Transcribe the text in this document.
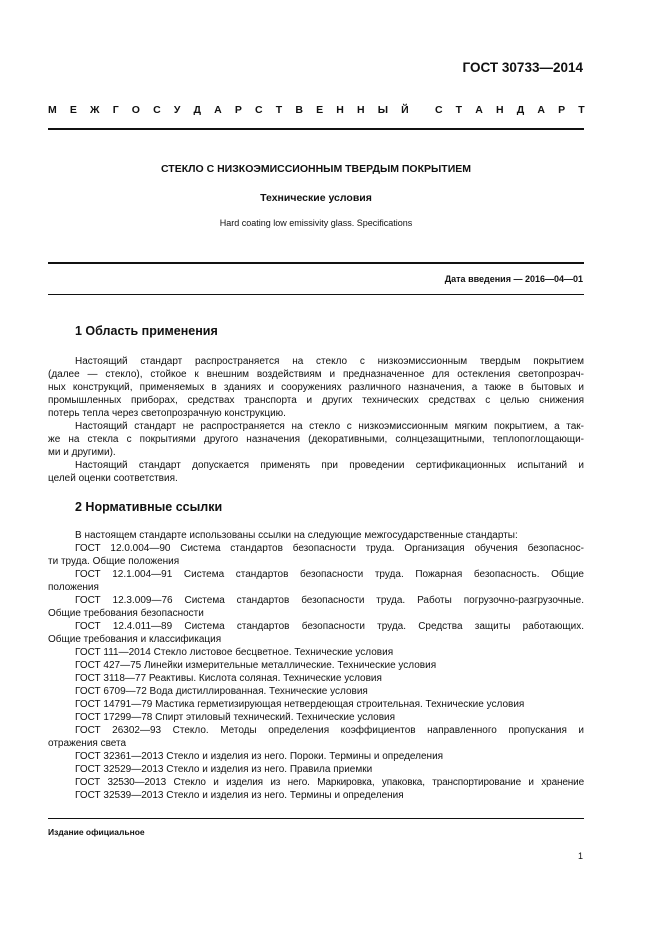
ГОСТ 30733—2014
М Е Ж Г О С У Д А Р С Т В Е Н Н Ы Й	С Т А Н Д А Р Т
СТЕКЛО С НИЗКОЭМИССИОННЫМ ТВЕРДЫМ ПОКРЫТИЕМ
Технические условия
Hard coating low emissivity glass. Specifications
Дата введения — 2016—04—01
1 Область применения
Настоящий стандарт распространяется на стекло с низкоэмиссионным твердым покрытием
(далее — стекло), стойкое к внешним воздействиям и предназначенное для остекления светопрозрач-
ных конструкций, применяемых в зданиях и сооружениях различного назначения, а также в бытовых и
промышленных приборах, средствах транспорта и других технических средствах с целью снижения
потерь тепла через светопрозрачную конструкцию.
Настоящий стандарт не распространяется на стекло с низкоэмиссионным мягким покрытием, а так-
же на стекла с покрытиями другого назначения (декоративными, солнцезащитными, теплопоглощающи-
ми и другими).
Настоящий стандарт допускается применять при проведении сертификационных испытаний и
целей оценки соответствия.
2 Нормативные ссылки
В настоящем стандарте использованы ссылки на следующие межгосударственные стандарты:
ГОСТ 12.0.004—90 Система стандартов безопасности труда. Организация обучения безопаснос-
ти труда. Общие положения
ГОСТ 12.1.004—91 Система стандартов безопасности труда. Пожарная безопасность. Общие
положения
ГОСТ 12.3.009—76 Система стандартов безопасности труда. Работы погрузочно-разгрузочные.
Общие требования безопасности
ГОСТ 12.4.011—89 Система стандартов безопасности труда. Средства защиты работающих.
Общие требования и классификация
ГОСТ 111—2014 Стекло листовое бесцветное. Технические условия
ГОСТ 427—75 Линейки измерительные металлические. Технические условия
ГОСТ 3118—77 Реактивы. Кислота соляная. Технические условия
ГОСТ 6709—72 Вода дистиллированная. Технические условия
ГОСТ 14791—79 Мастика герметизирующая нетвердеющая строительная. Технические условия
ГОСТ 17299—78 Спирт этиловый технический. Технические условия
ГОСТ 26302—93 Стекло. Методы определения коэффициентов направленного пропускания и
отражения света
ГОСТ 32361—2013 Стекло и изделия из него. Пороки. Термины и определения
ГОСТ 32529—2013 Стекло и изделия из него. Правила приемки
ГОСТ 32530—2013 Стекло и изделия из него. Маркировка, упаковка, транспортирование и хранение
ГОСТ 32539—2013 Стекло и изделия из него. Термины и определения
Издание официальное
1
